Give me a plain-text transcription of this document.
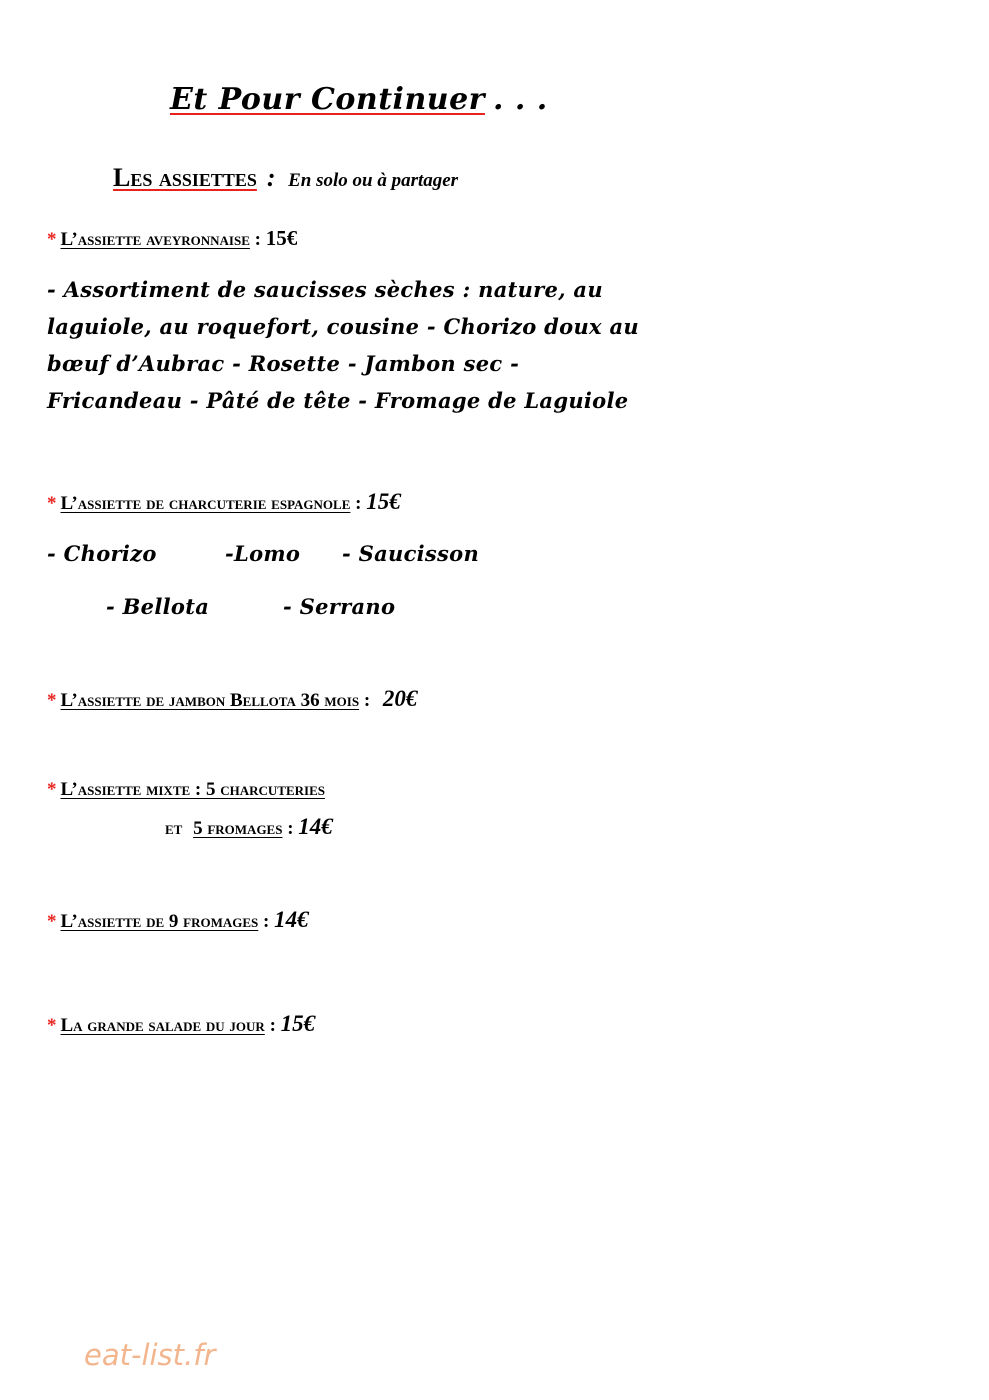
Et Pour Continuer . . .
Les assiettes : En solo ou à partager
* L’assiette aveyronnaise : 15€
- Assortiment de saucisses sèches : nature, au
laguiole, au roquefort, cousine - Chorizo doux au
bœuf d’Aubrac - Rosette - Jambon sec -
Fricandeau - Pâté de tête - Fromage de Laguiole
* L’assiette de charcuterie espagnole : 15€
- Chorizo	-Lomo - Saucisson
- Bellota	- Serrano
* L’assiette de jambon Bellota 36 mois : 20€
* L’assiette mixte : 5 charcuteries
et 5 fromages : 14€
* L’assiette de 9 fromages : 14€
* La grande salade du jour : 15€
eat-list.fr
